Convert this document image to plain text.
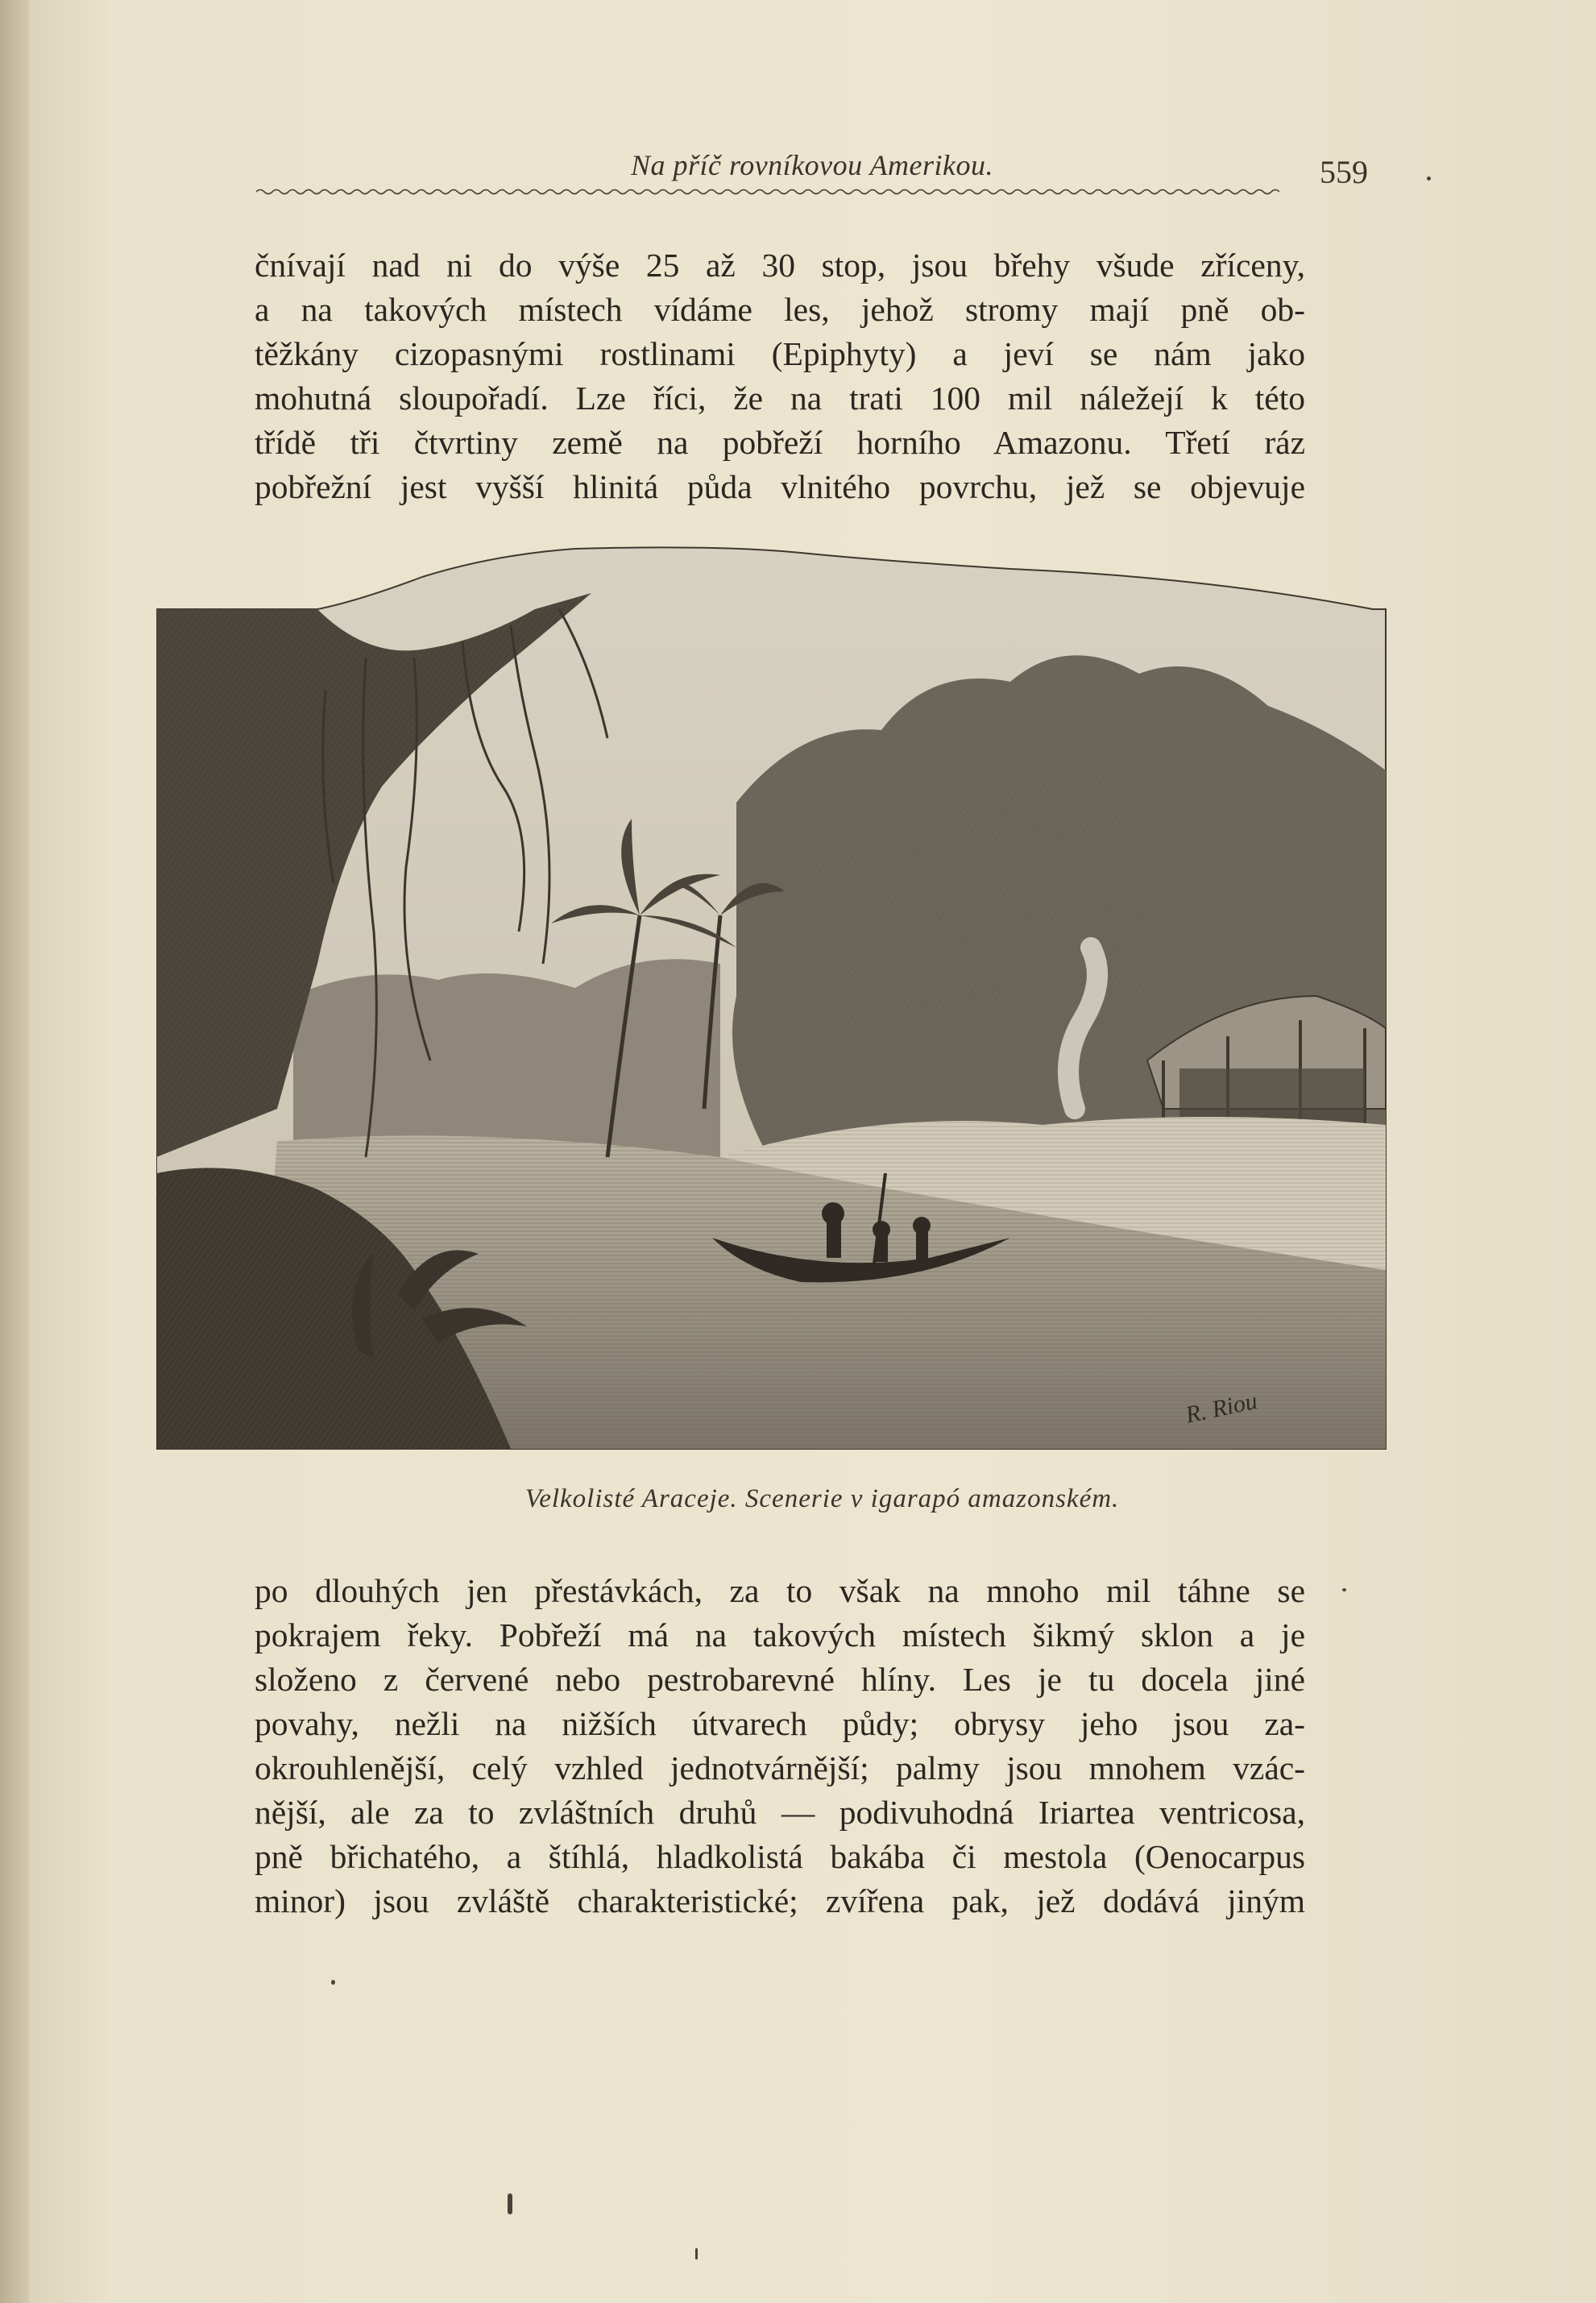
Na příč rovníkovou Amerikou.	559
čnívají nad ni do výše 25 až 30 stop, jsou břehy všude zříceny,
a na takových místech vídáme les, jehož stromy mají pně ob-
těžkány cizopasnými rostlinami (Epiphyty) a jeví se nám jako
mohutná sloupořadí. Lze říci, že na trati 100 mil náležejí k této
třídě tři čtvrtiny země na pobřeží horního Amazonu. Třetí ráz
pobřežní jest vyšší hlinitá půda vlnitého povrchu, jež se objevuje
R. Riou
Velkolisté Araceje. Scenerie v igarapó amazonském.
po dlouhých jen přestávkách, za to však na mnoho mil táhne se
pokrajem řeky. Pobřeží má na takových místech šikmý sklon a je
složeno z červené nebo pestrobarevné hlíny. Les je tu docela jiné
povahy, nežli na nižších útvarech půdy; obrysy jeho jsou za-
okrouhlenější, celý vzhled jednotvárnější; palmy jsou mnohem vzác-
nější, ale za to zvláštních druhů — podivuhodná Iriartea ventricosa,
pně břichatého, a štíhlá, hladkolistá bakába či mestola (Oenocarpus
minor) jsou zvláště charakteristické; zvířena pak, jež dodává jiným
